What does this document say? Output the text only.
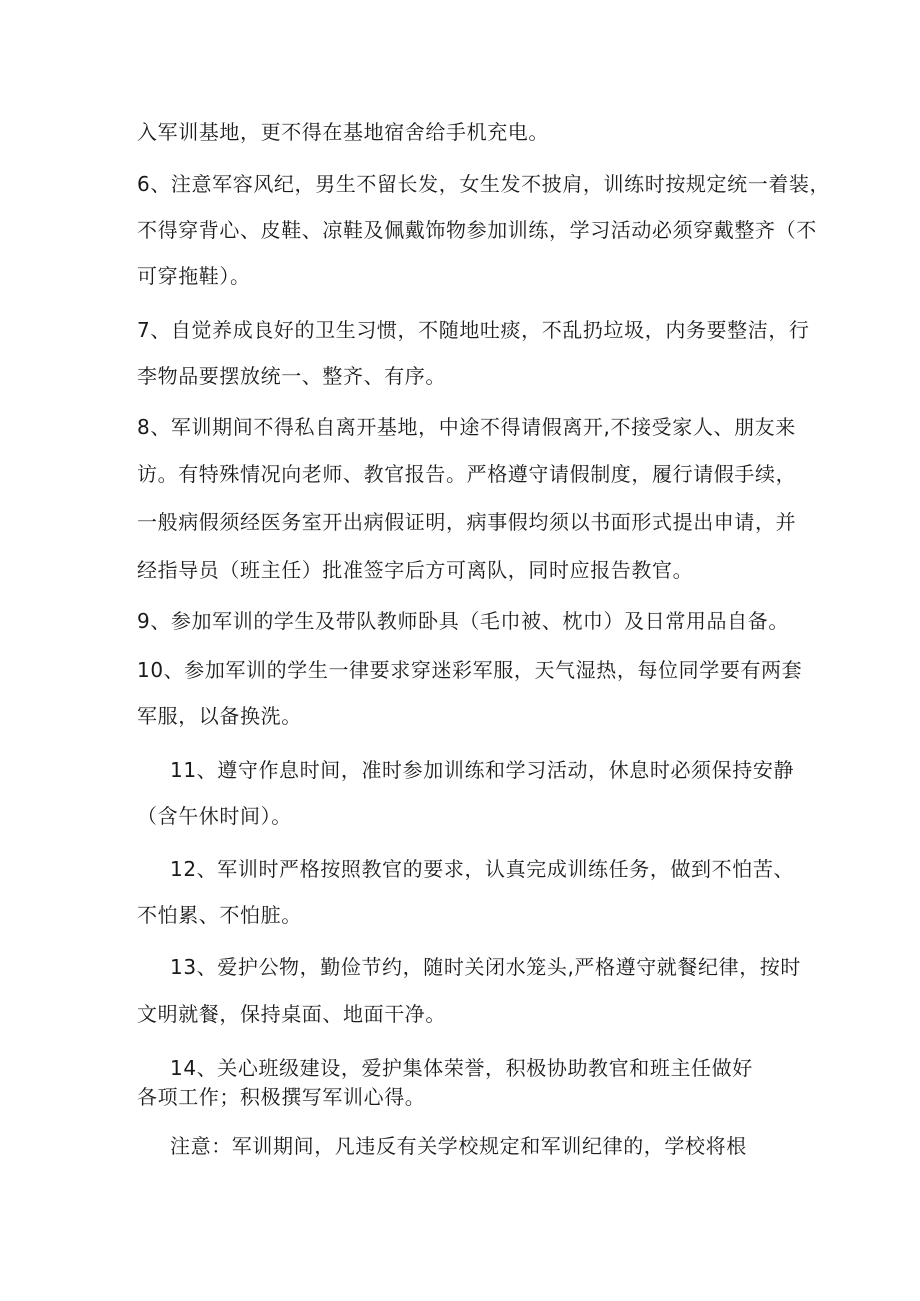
入军训基地，更不得在基地宿舍给手机充电。
6、注意军容风纪，男生不留长发，女生发不披肩，训练时按规定统一着装，
不得穿背心、皮鞋、凉鞋及佩戴饰物参加训练，学习活动必须穿戴整齐（不
可穿拖鞋）。
7、自觉养成良好的卫生习惯，不随地吐痰，不乱扔垃圾，内务要整洁，行
李物品要摆放统一、整齐、有序。
8、军训期间不得私自离开基地，中途不得请假离开,不接受家人、朋友来
访。有特殊情况向老师、教官报告。严格遵守请假制度，履行请假手续，
一般病假须经医务室开出病假证明，病事假均须以书面形式提出申请，并
经指导员（班主任）批准签字后方可离队，同时应报告教官。
9、参加军训的学生及带队教师卧具（毛巾被、枕巾）及日常用品自备。
10、参加军训的学生一律要求穿迷彩军服，天气湿热，每位同学要有两套
军服，以备换洗。
11、遵守作息时间，准时参加训练和学习活动，休息时必须保持安静
（含午休时间）。
12、军训时严格按照教官的要求，认真完成训练任务，做到不怕苦、
不怕累、不怕脏。
13、爱护公物，勤俭节约，随时关闭水笼头,严格遵守就餐纪律，按时
文明就餐，保持桌面、地面干净。
14、关心班级建设，爱护集体荣誉，积极协助教官和班主任做好
各项工作；积极撰写军训心得。
注意：军训期间，凡违反有关学校规定和军训纪律的，学校将根
